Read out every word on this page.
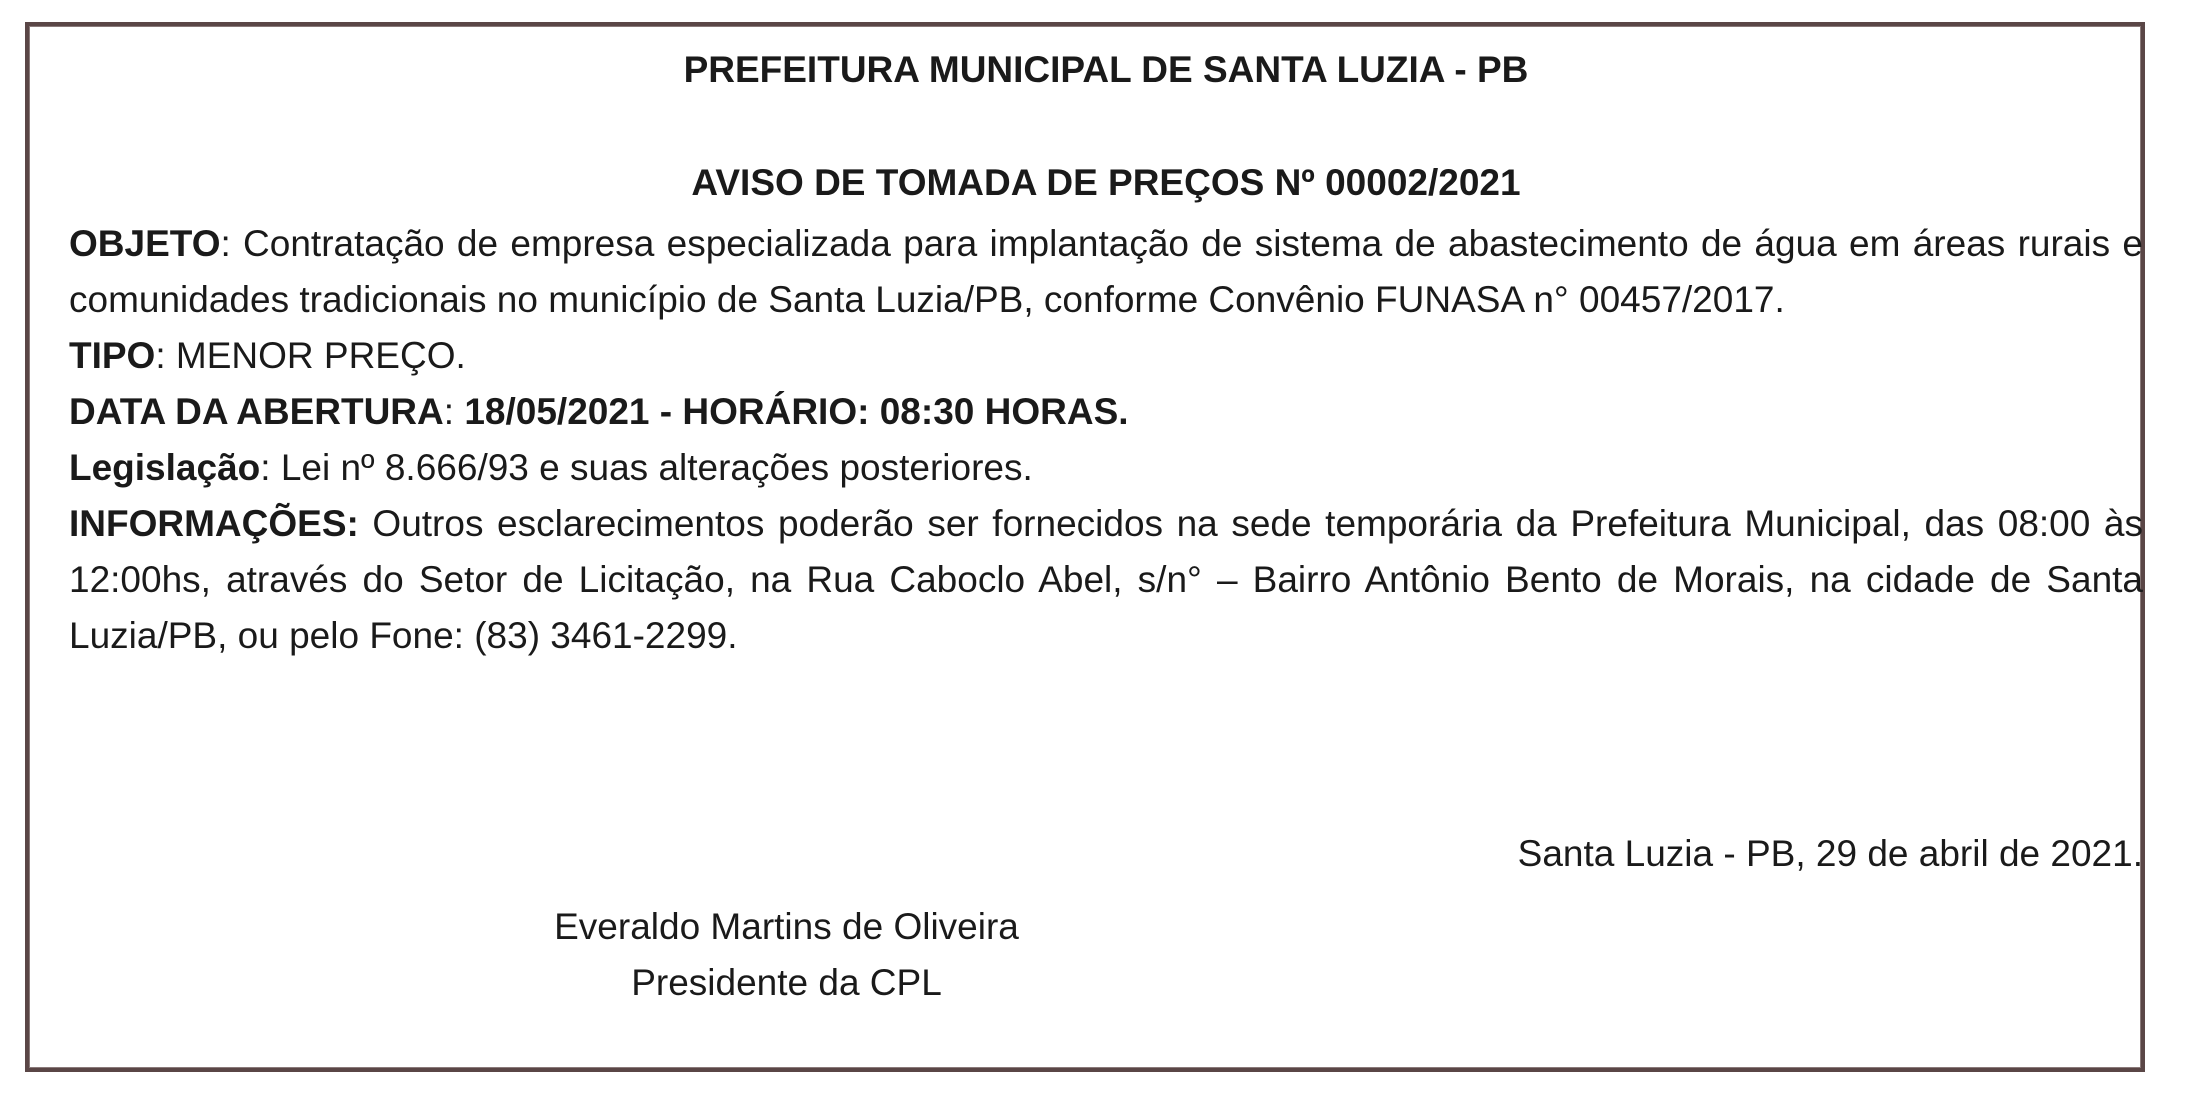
PREFEITURA MUNICIPAL DE SANTA LUZIA - PB
AVISO DE TOMADA DE PREÇOS Nº 00002/2021

OBJETO: Contratação de empresa especializada para implantação de sistema de abastecimento de água em áreas rurais e comunidades tradicionais no município de Santa Luzia/PB, conforme Convênio FUNASA n° 00457/2017.

TIPO: MENOR PREÇO.

DATA DA ABERTURA: 18/05/2021 - HORÁRIO: 08:30 HORAS.

Legislação: Lei nº 8.666/93 e suas alterações posteriores.

INFORMAÇÕES: Outros esclarecimentos poderão ser fornecidos na sede temporária da Prefeitura Municipal, das 08:00 às 12:00hs, através do Setor de Licitação, na Rua Caboclo Abel, s/n° – Bairro Antônio Bento de Morais, na cidade de Santa Luzia/PB, ou pelo Fone: (83) 3461-2299.

Santa Luzia - PB, 29 de abril de 2021.
Everaldo Martins de Oliveira
Presidente da CPL
